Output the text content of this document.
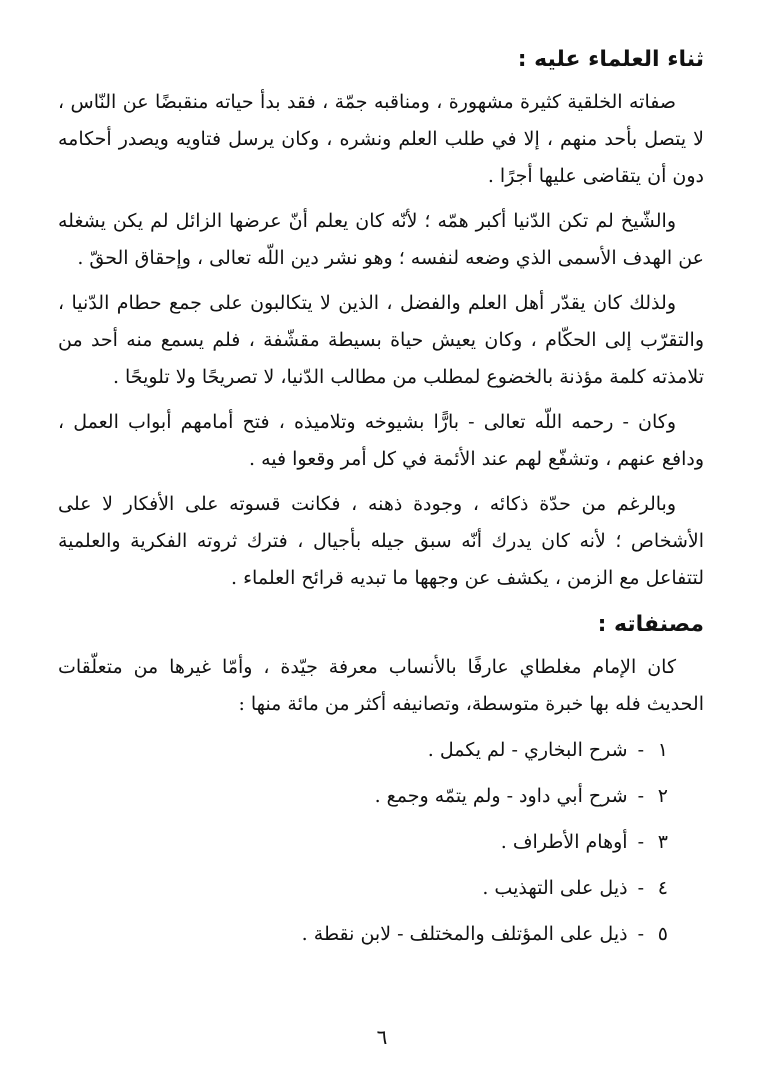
ثناء العلماء عليه :

صفاته الخلقية كثيرة مشهورة ، ومناقبه جمّة ، فقد بدأ حياته منقبضًا عن النّاس ، لا يتصل بأحد منهم ، إلا في طلب العلم ونشره ، وكان يرسل فتاويه ويصدر أحكامه دون أن يتقاضى عليها أجرًا .

والشّيخ لم تكن الدّنيا أكبر همّه ؛ لأنّه كان يعلم أنّ عرضها الزائل لم يكن يشغله عن الهدف الأسمى الذي وضعه لنفسه ؛ وهو نشر دين اللّه تعالى ، وإحقاق الحقّ .

ولذلك كان يقدّر أهل العلم والفضل ، الذين لا يتكالبون على جمع حطام الدّنيا ، والتقرّب إلى الحكّام ، وكان يعيش حياة بسيطة مقشّفة ، فلم يسمع منه أحد من تلامذته كلمة مؤذنة بالخضوع لمطلب من مطالب الدّنيا، لا تصريحًا ولا تلويحًا .

وكان - رحمه اللّه تعالى - بارًّا بشيوخه وتلاميذه ، فتح أمامهم أبواب العمل ، ودافع عنهم ، وتشفّع لهم عند الأئمة في كل أمر وقعوا فيه .

وبالرغم من حدّة ذكائه ، وجودة ذهنه ، فكانت قسوته على الأفكار لا على الأشخاص ؛ لأنه كان يدرك أنّه سبق جيله بأجيال ، فترك ثروته الفكرية والعلمية لتتفاعل مع الزمن ، يكشف عن وجهها ما تبديه قرائح العلماء .

مصنفاته :

كان الإمام مغلطاي عارفًا بالأنساب معرفة جيّدة ، وأمّا غيرها من متعلّقات الحديث فله بها خبرة متوسطة، وتصانيفه أكثر من مائة منها :

١-شرح البخاري - لم يكمل .
٢-شرح أبي داود - ولم يتمّه وجمع .
٣-أوهام الأطراف .
٤-ذيل على التهذيب .
٥-ذيل على المؤتلف والمختلف - لابن نقطة .
٦
